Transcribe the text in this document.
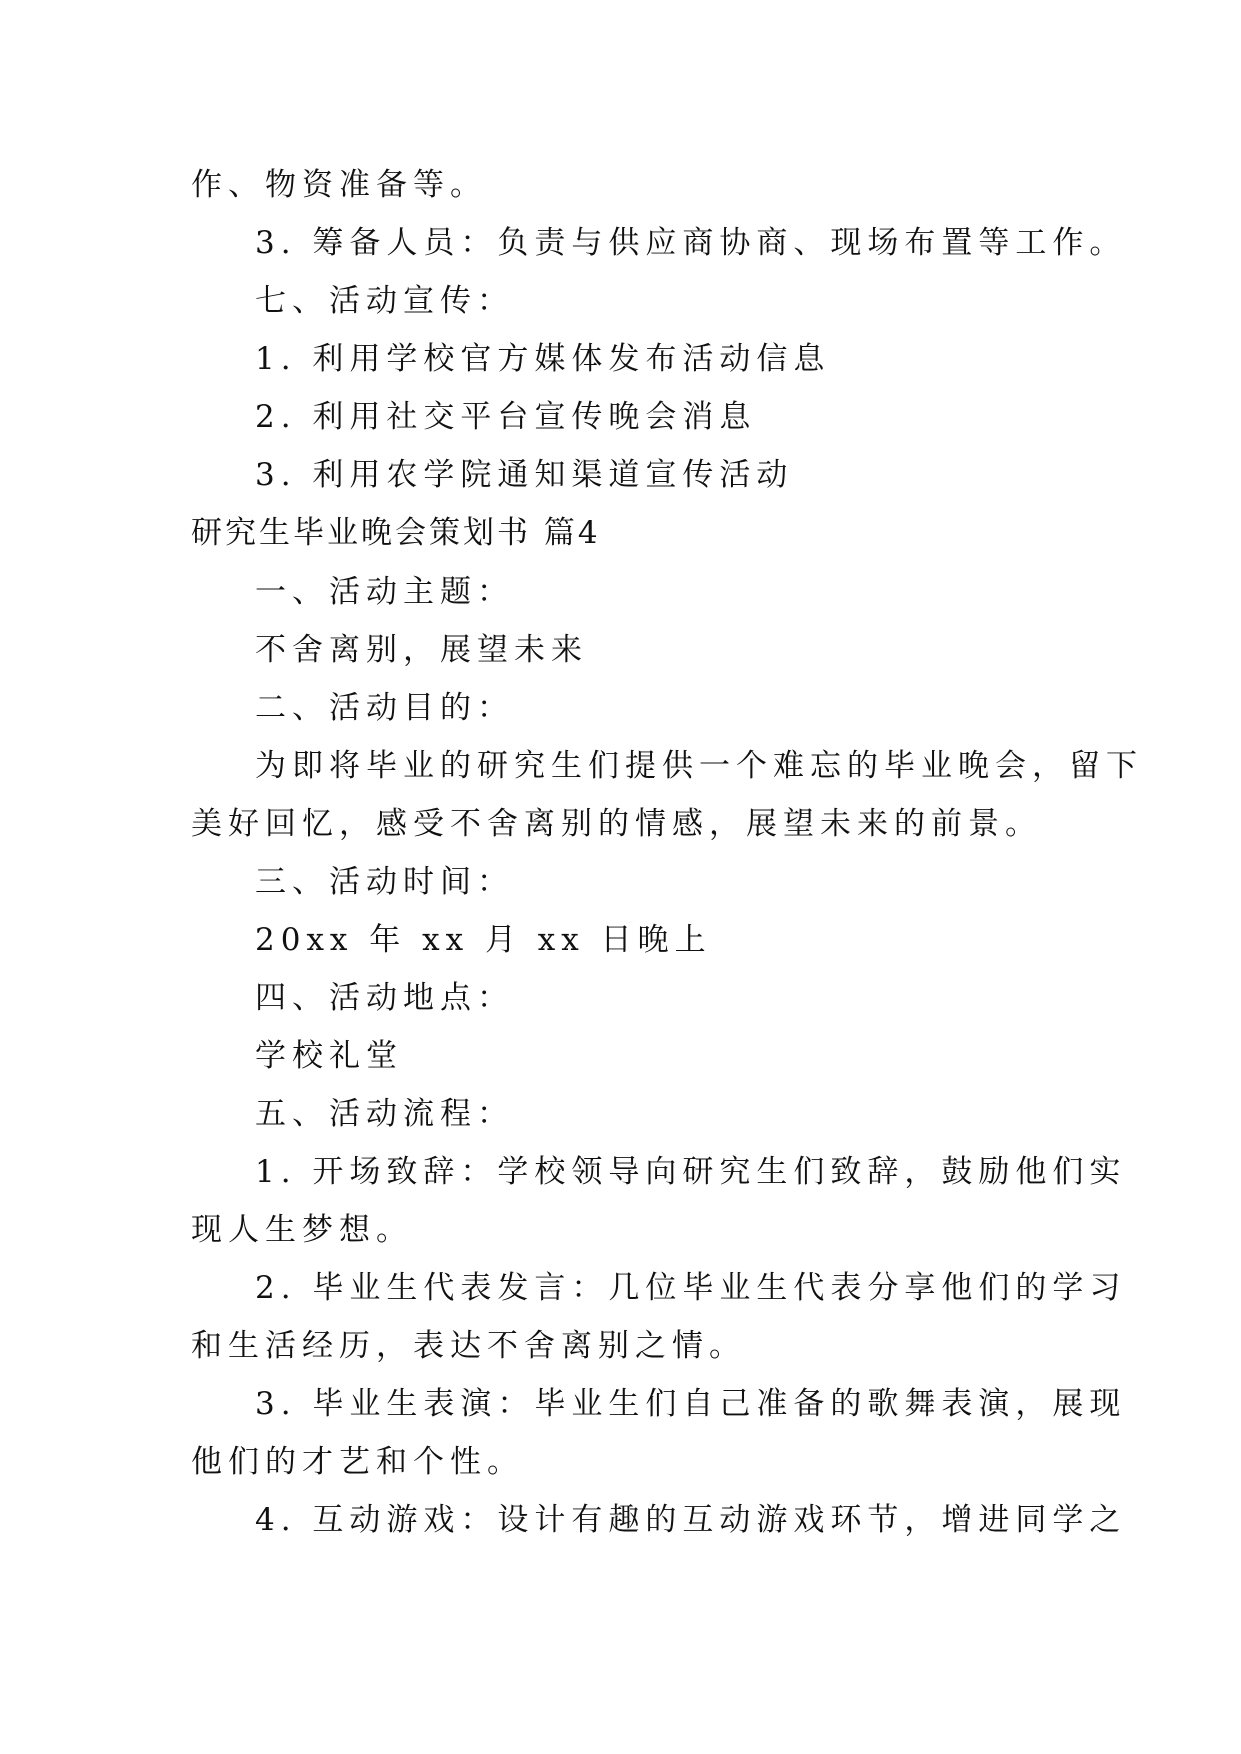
作、物资准备等。
3. 筹备人员：负责与供应商协商、现场布置等工作。
七、活动宣传：
1. 利用学校官方媒体发布活动信息
2. 利用社交平台宣传晚会消息
3. 利用农学院通知渠道宣传活动
研究生毕业晚会策划书 篇4
一、活动主题：
不舍离别，展望未来
二、活动目的：
为即将毕业的研究生们提供一个难忘的毕业晚会，留下
美好回忆，感受不舍离别的情感，展望未来的前景。
三、活动时间：
20xx 年 xx 月 xx 日晚上
四、活动地点：
学校礼堂
五、活动流程：
1. 开场致辞：学校领导向研究生们致辞，鼓励他们实
现人生梦想。
2. 毕业生代表发言：几位毕业生代表分享他们的学习
和生活经历，表达不舍离别之情。
3. 毕业生表演：毕业生们自己准备的歌舞表演，展现
他们的才艺和个性。
4. 互动游戏：设计有趣的互动游戏环节，增进同学之
